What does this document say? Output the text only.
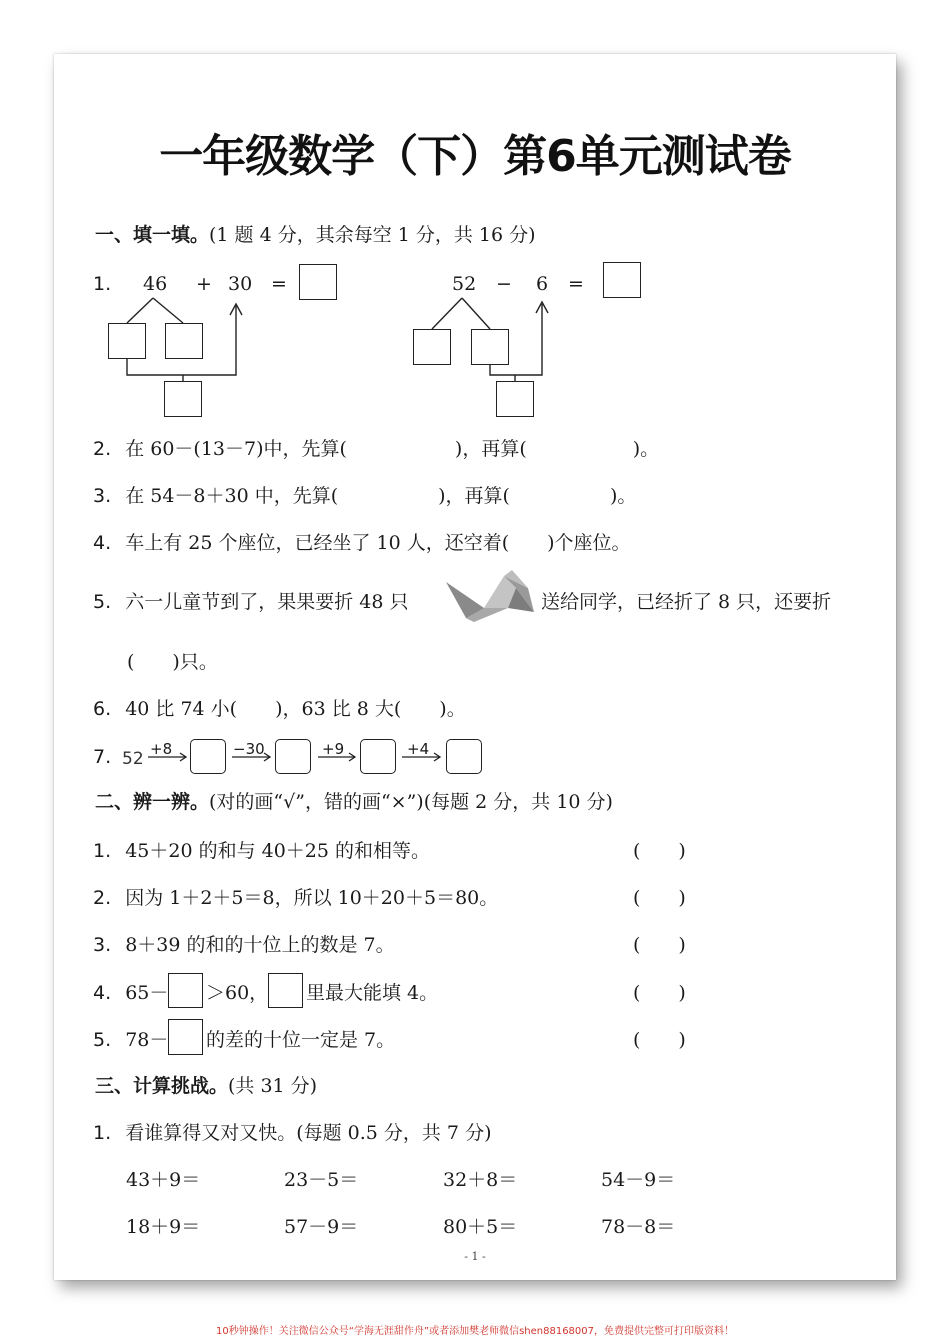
一年级数学（下）第6单元测试卷
一、填一填。(1 题 4 分，其余每空 1 分，共 16 分)
1. 46 + 30 =	52 − 6 =
2. 在 60－(13－7)中，先算(	)，再算(	)。
3. 在 54－8＋30 中，先算(	)，再算(	)。
4. 车上有 25 个座位，已经坐了 10 人，还空着(　　)个座位。
5. 六一儿童节到了，果果要折 48 只	送给同学，已经折了 8 只，还要折
(　　)只。
6. 40 比 74 小(　　)，63 比 8 大(　　)。
7. 52 +8	−30	+9	+4
二、辨一辨。(对的画“√”，错的画“×”)(每题 2 分，共 10 分)
1. 45＋20 的和与 40＋25 的和相等。	(　　)
2. 因为 1＋2＋5＝8，所以 10＋20＋5＝80。	(　　)
3. 8＋39 的和的十位上的数是 7。	(　　)
4. 65－ ＞60， 里最大能填 4。	(　　)
5. 78－ 的差的十位一定是 7。	(　　)
三、计算挑战。(共 31 分)
1. 看谁算得又对又快。(每题 0.5 分，共 7 分)
43＋9＝	23－5＝	32＋8＝	54－9＝
18＋9＝	57－9＝	80＋5＝	78－8＝
- 1 -
10秒钟操作！关注微信公众号“学海无涯甜作舟”或者添加樊老师微信shen88168007，免费提供完整可打印版资料！
